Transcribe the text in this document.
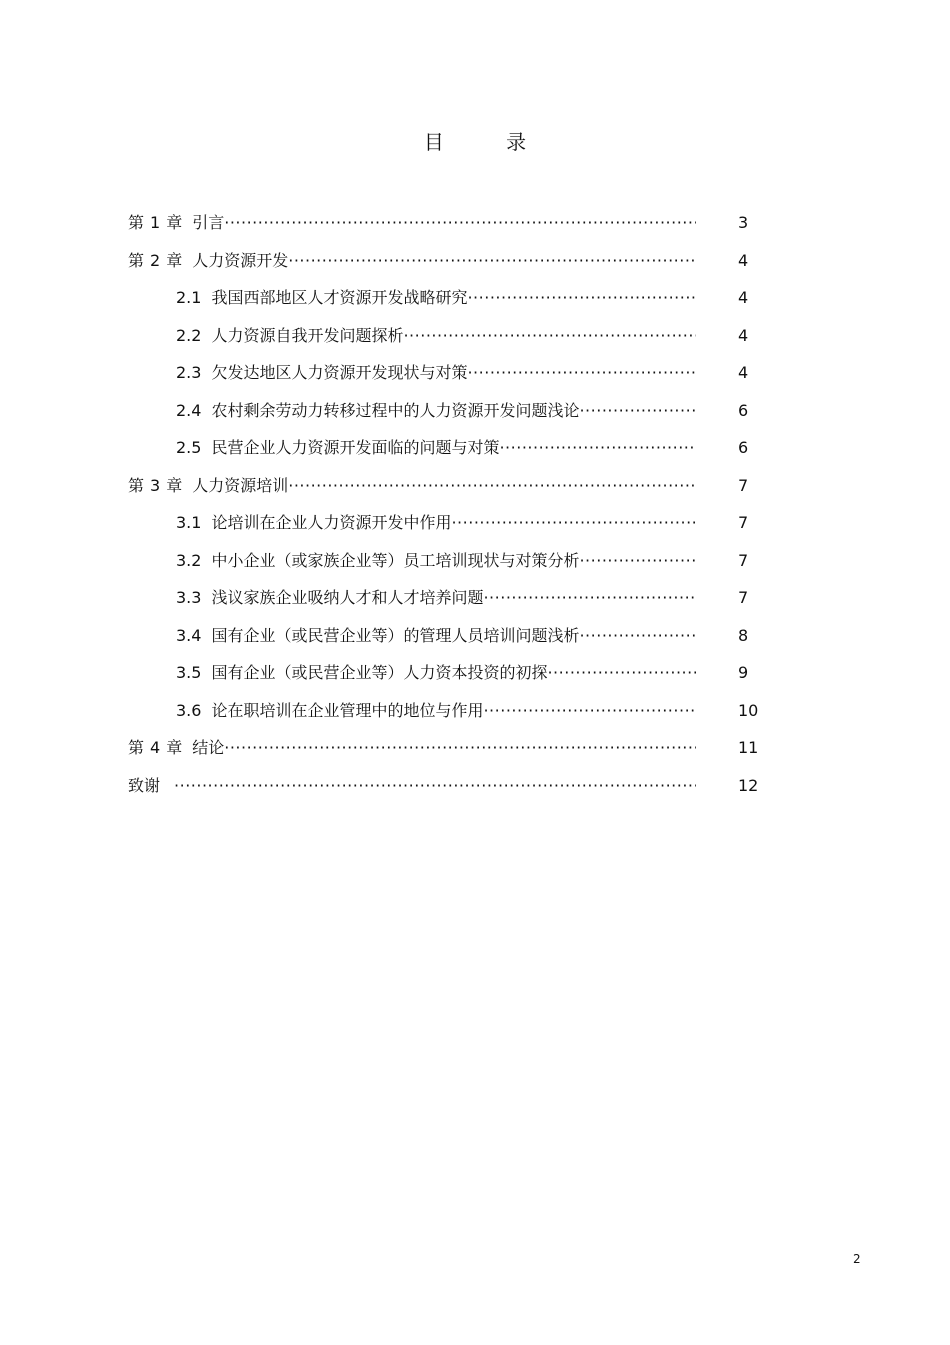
目 录
第 1 章 引言 ·····	3
第 2 章 人力资源开发 ·····	4
2.1 我国西部地区人才资源开发战略研究 ·····	4
2.2 人力资源自我开发问题探析 ·····	4
2.3 欠发达地区人力资源开发现状与对策 ·····	4
2.4 农村剩余劳动力转移过程中的人力资源开发问题浅论 ·····	6
2.5 民营企业人力资源开发面临的问题与对策 ·····	6
第 3 章 人力资源培训 ·····	7
3.1 论培训在企业人力资源开发中作用 ·····	7
3.2 中小企业（或家族企业等）员工培训现状与对策分析 ·····	7
3.3 浅议家族企业吸纳人才和人才培养问题 ·····	7
3.4 国有企业（或民营企业等）的管理人员培训问题浅析 ·····	8
3.5 国有企业（或民营企业等）人力资本投资的初探 ·····	9
3.6 论在职培训在企业管理中的地位与作用 ·····	10
第 4 章 结论 ·····	11
致谢 ·····	12
2
